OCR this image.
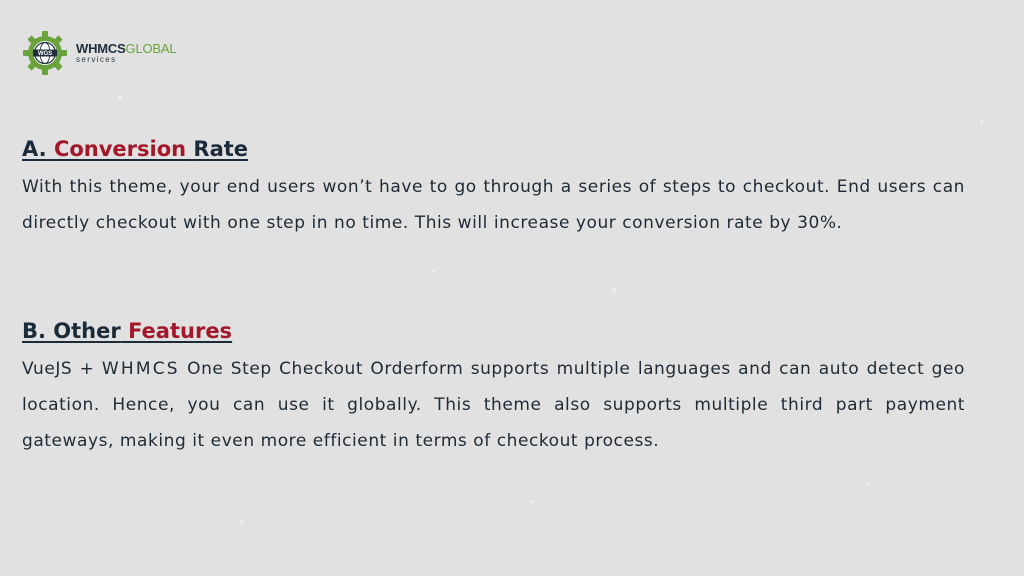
WGS WHMCSGLOBAL
services
A. Conversion Rate

With this theme, your end users won’t have to go through a series of steps to checkout. End users can directly checkout with one step in no time. This will increase your conversion rate by 30%.

B. Other Features

VueJS + WHMCS One Step Checkout Orderform supports multiple languages and can auto detect geo location. Hence, you can use it globally. This theme also supports multiple third part payment gateways, making it even more efficient in terms of checkout process.
